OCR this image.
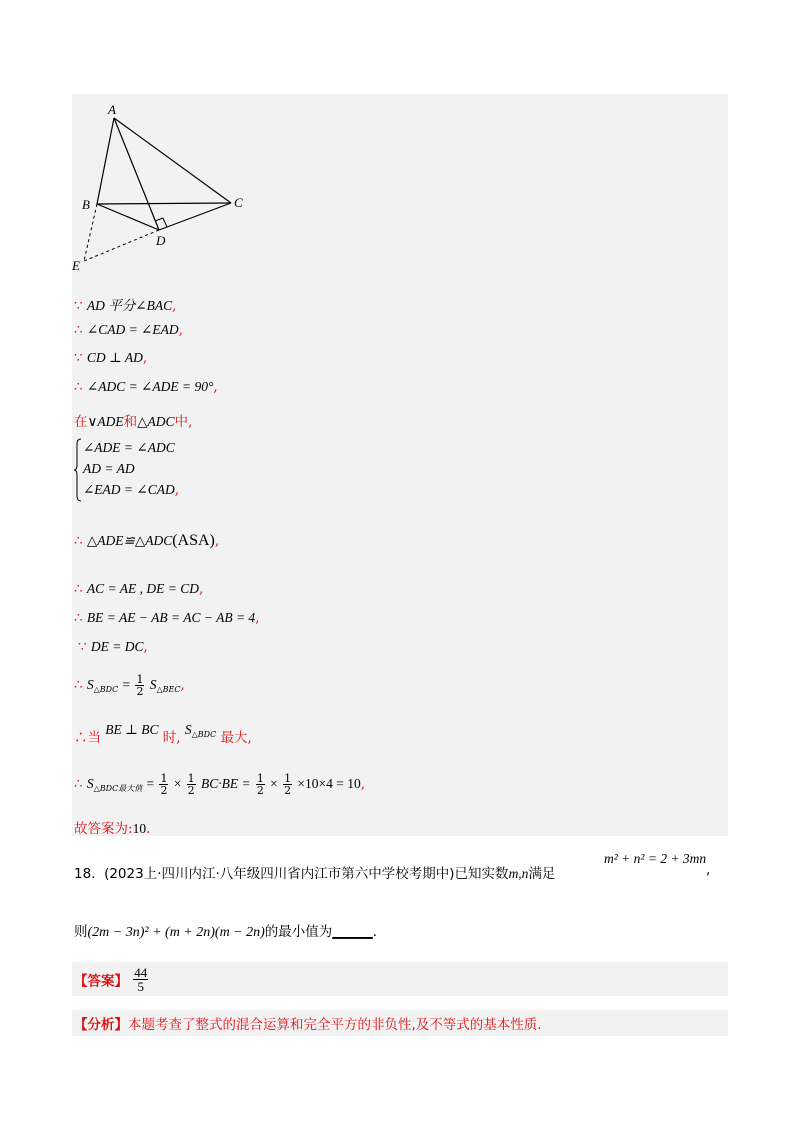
A
B	C
D
E
∵ AD 平分∠BAC,
∴ ∠CAD = ∠EAD,
∵ CD ⊥ AD,
∴ ∠ADC = ∠ADE = 90°,
在∨ADE和△ADC中,
∠ADE = ∠ADC
AD = AD
∠EAD = ∠CAD,
∴ △ADE≌△ADC(ASA),
∴ AC = AE , DE = CD,
∴ BE = AE − AB = AC − AB = 4,
∵ DE = DC,
∴ $S_{\triangle BDC} = \frac{1}{2} S_{\triangle BEC}$,
∴当 BE ⊥ BC 时, $S^{\triangle BDC}$ 最大,
∴ $S_{\triangle BDC最大值} = \frac{1}{2} \times \frac{1}{2} BC\cdot BE = \frac{1}{2} \times \frac{1}{2} \times 10\times 4 = 10$,
故答案为:10.
18. (2023上·四川内江·八年级四川省内江市第六中学校考期中)已知实数m,n满足
m² + n² = 2 + 3mn
,
则(2m − 3n)² + (m + 2n)(m − 2n)的最小值为______.
【答案】 $\frac{44}{5}$
【分析】本题考查了整式的混合运算和完全平方的非负性,及不等式的基本性质.
